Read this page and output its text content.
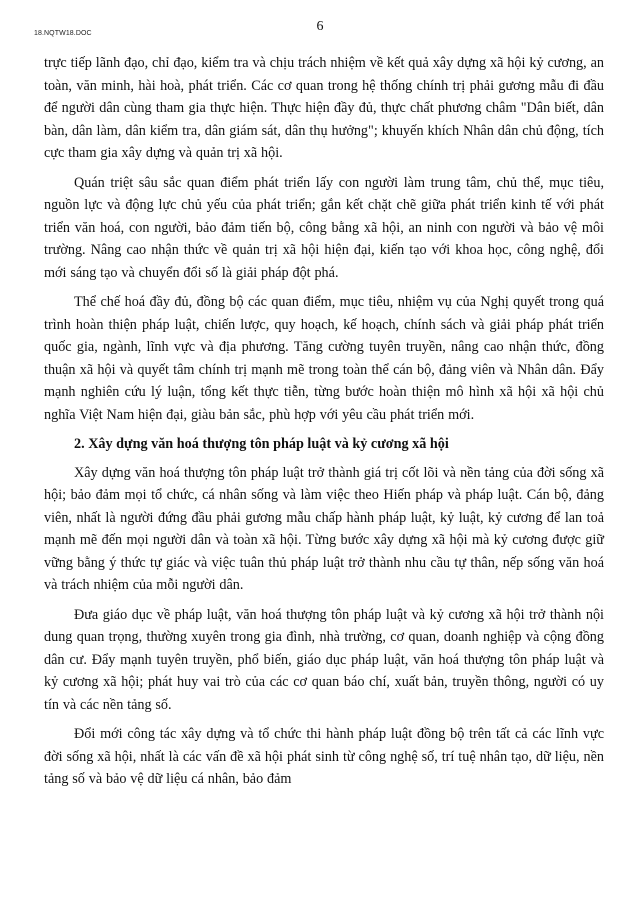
18.NQTW18.DOC	6

trực tiếp lãnh đạo, chỉ đạo, kiểm tra và chịu trách nhiệm về kết quả xây dựng xã hội kỷ cương, an toàn, văn minh, hài hoà, phát triển. Các cơ quan trong hệ thống chính trị phải gương mẫu đi đầu để người dân cùng tham gia thực hiện. Thực hiện đầy đủ, thực chất phương châm "Dân biết, dân bàn, dân làm, dân kiểm tra, dân giám sát, dân thụ hưởng"; khuyến khích Nhân dân chủ động, tích cực tham gia xây dựng và quản trị xã hội.

Quán triệt sâu sắc quan điểm phát triển lấy con người làm trung tâm, chủ thể, mục tiêu, nguồn lực và động lực chủ yếu của phát triển; gắn kết chặt chẽ giữa phát triển kinh tế với phát triển văn hoá, con người, bảo đảm tiến bộ, công bằng xã hội, an ninh con người và bảo vệ môi trường. Nâng cao nhận thức về quản trị xã hội hiện đại, kiến tạo với khoa học, công nghệ, đổi mới sáng tạo và chuyển đổi số là giải pháp đột phá.

Thể chế hoá đầy đủ, đồng bộ các quan điểm, mục tiêu, nhiệm vụ của Nghị quyết trong quá trình hoàn thiện pháp luật, chiến lược, quy hoạch, kế hoạch, chính sách và giải pháp phát triển quốc gia, ngành, lĩnh vực và địa phương. Tăng cường tuyên truyền, nâng cao nhận thức, đồng thuận xã hội và quyết tâm chính trị mạnh mẽ trong toàn thể cán bộ, đảng viên và Nhân dân. Đẩy mạnh nghiên cứu lý luận, tổng kết thực tiễn, từng bước hoàn thiện mô hình xã hội xã hội chủ nghĩa Việt Nam hiện đại, giàu bản sắc, phù hợp với yêu cầu phát triển mới.

2. Xây dựng văn hoá thượng tôn pháp luật và kỷ cương xã hội

Xây dựng văn hoá thượng tôn pháp luật trở thành giá trị cốt lõi và nền tảng của đời sống xã hội; bảo đảm mọi tổ chức, cá nhân sống và làm việc theo Hiến pháp và pháp luật. Cán bộ, đảng viên, nhất là người đứng đầu phải gương mẫu chấp hành pháp luật, kỷ luật, kỷ cương để lan toả mạnh mẽ đến mọi người dân và toàn xã hội. Từng bước xây dựng xã hội mà kỷ cương được giữ vững bằng ý thức tự giác và việc tuân thủ pháp luật trở thành nhu cầu tự thân, nếp sống văn hoá và trách nhiệm của mỗi người dân.

Đưa giáo dục về pháp luật, văn hoá thượng tôn pháp luật và kỷ cương xã hội trở thành nội dung quan trọng, thường xuyên trong gia đình, nhà trường, cơ quan, doanh nghiệp và cộng đồng dân cư. Đẩy mạnh tuyên truyền, phổ biến, giáo dục pháp luật, văn hoá thượng tôn pháp luật và kỷ cương xã hội; phát huy vai trò của các cơ quan báo chí, xuất bản, truyền thông, người có uy tín và các nền tảng số.

Đổi mới công tác xây dựng và tổ chức thi hành pháp luật đồng bộ trên tất cả các lĩnh vực đời sống xã hội, nhất là các vấn đề xã hội phát sinh từ công nghệ số, trí tuệ nhân tạo, dữ liệu, nền tảng số và bảo vệ dữ liệu cá nhân, bảo đảm
